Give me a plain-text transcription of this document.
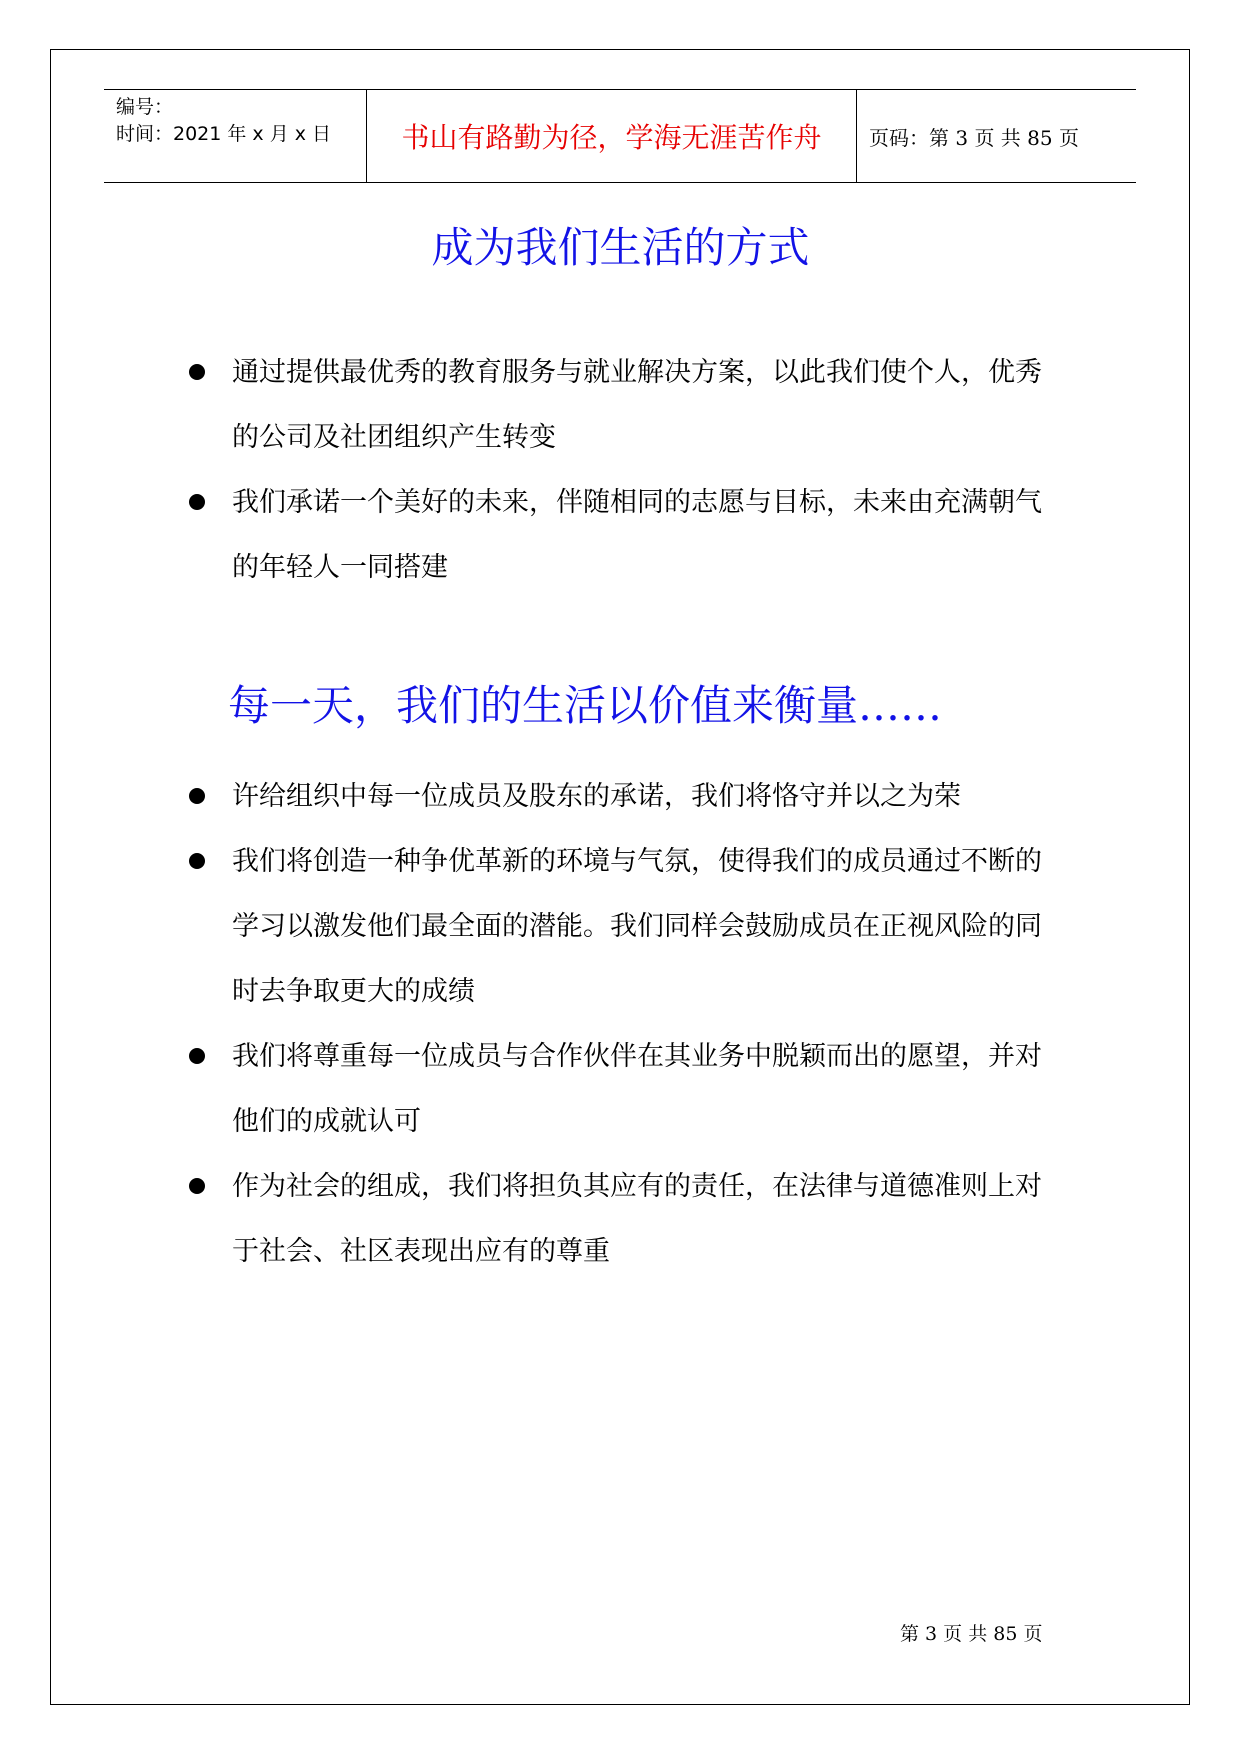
编号：
时间：2021 年 x 月 x 日	书山有路勤为径，学海无涯苦作舟 页码：第 3 页 共 85 页
成为我们生活的方式
通过提供最优秀的教育服务与就业解决方案，以此我们使个人，优秀的公司及社团组织产生转变
我们承诺一个美好的未来，伴随相同的志愿与目标，未来由充满朝气的年轻人一同搭建
每一天，我们的生活以价值来衡量……
许给组织中每一位成员及股东的承诺，我们将恪守并以之为荣
我们将创造一种争优革新的环境与气氛，使得我们的成员通过不断的学习以激发他们最全面的潜能。我们同样会鼓励成员在正视风险的同时去争取更大的成绩
我们将尊重每一位成员与合作伙伴在其业务中脱颖而出的愿望，并对他们的成就认可
作为社会的组成，我们将担负其应有的责任，在法律与道德准则上对于社会、社区表现出应有的尊重
第 3 页 共 85 页
